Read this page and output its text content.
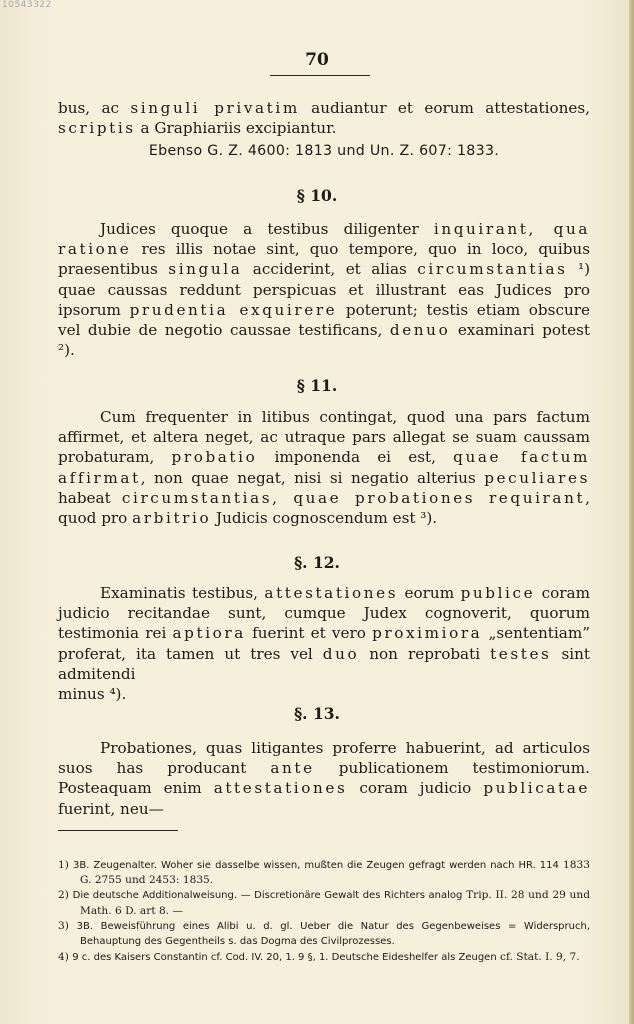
10543322
70

bus, ac singuli privatim audiantur et eorum attestationes, scriptis a Graphiariis excipiantur.

Ebenso G. Z. 4600: 1813 und Un. Z. 607: 1833.

§ 10.

Judices quoque a testibus diligenter inquirant, qua ratione res illis notae sint, quo tempore, quo in loco, quibus praesentibus singula acciderint, et alias circumstantias ¹) quae caussas reddunt perspicuas et illustrant eas Judices pro ipsorum prudentia exquirere poterunt; testis etiam obscure vel dubie de negotio caussae testificans, denuo examinari potest ²).

§ 11.

Cum frequenter in litibus contingat, quod una pars factum affirmet, et altera neget, ac utraque pars allegat se suam caussam probaturam, probatio imponenda ei est, quae factum affirmat, non quae negat, nisi si negatio alterius peculiares habeat circumstantias, quae probationes requirant, quod pro arbitrio Judicis cognoscendum est ³).

§. 12.

Examinatis testibus, attestationes eorum publice coram judicio recitandae sunt, cumque Judex cognoverit, quorum testimonia rei aptiora fuerint et vero proximiora „sententiam” proferat, ita tamen ut tres vel duo non reprobati testes sint admitendi

minus ⁴).

§. 13.

Probationes, quas litigantes proferre habuerint, ad articulos suos has producant ante publicationem testimoniorum. Posteaquam enim attestationes coram judicio publicatae fuerint, neu—

1) 3B. Zeugenalter. Woher sie dasselbe wissen, mußten die Zeugen gefragt werden nach HR. 114 1833 G. 2755 und 2453: 1835.

2) Die deutsche Additionalweisung. — Discretionäre Gewalt des Richters analog Trip. II. 28 und 29 und Math. 6 D. art 8. —

3) 3B. Beweisführung eines Alibi u. d. gl. Ueber die Natur des Gegenbeweises = Widerspruch, Behauptung des Gegentheils s. das Dogma des Civilprozesses.

4) 9 c. des Kaisers Constantin cf. Cod. IV. 20, 1. 9 §, 1. Deutsche Eideshelfer als Zeugen cf. Stat. I. 9, 7.
